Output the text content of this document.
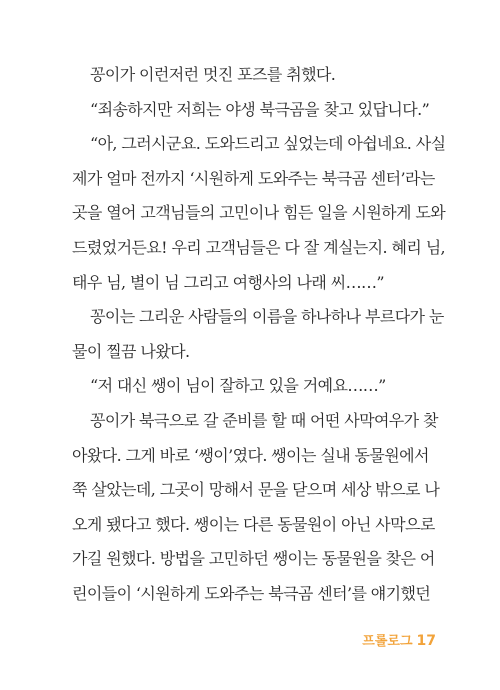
꽁이가 이런저런 멋진 포즈를 취했다.
“죄송하지만 저희는 야생 북극곰을 찾고 있답니다.”
“아, 그러시군요. 도와드리고 싶었는데 아쉽네요. 사실
제가 얼마 전까지 ‘시원하게 도와주는 북극곰 센터’라는
곳을 열어 고객님들의 고민이나 힘든 일을 시원하게 도와
드렸었거든요! 우리 고객님들은 다 잘 계실는지. 혜리 님,
태우 님, 별이 님 그리고 여행사의 나래 씨……”
꽁이는 그리운 사람들의 이름을 하나하나 부르다가 눈
물이 찔끔 나왔다.
“저 대신 쌩이 님이 잘하고 있을 거예요……”
꽁이가 북극으로 갈 준비를 할 때 어떤 사막여우가 찾
아왔다. 그게 바로 ‘쌩이’였다. 쌩이는 실내 동물원에서
쭉 살았는데, 그곳이 망해서 문을 닫으며 세상 밖으로 나
오게 됐다고 했다. 쌩이는 다른 동물원이 아닌 사막으로
가길 원했다. 방법을 고민하던 쌩이는 동물원을 찾은 어
린이들이 ‘시원하게 도와주는 북극곰 센터’를 얘기했던
프롤로그 17
